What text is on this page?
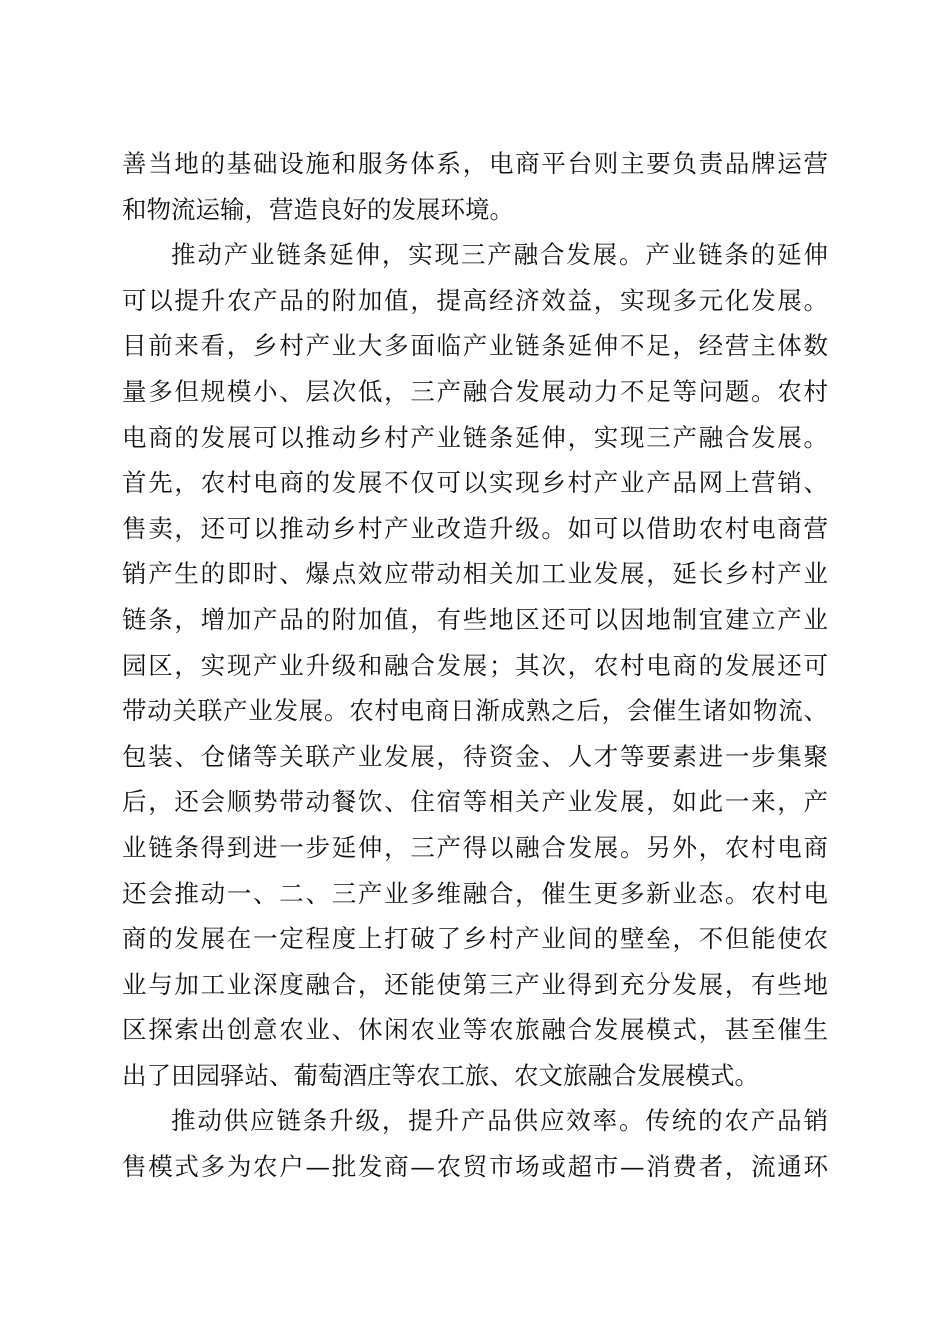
善当地的基础设施和服务体系，电商平台则主要负责品牌运营
和物流运输，营造良好的发展环境。
推动产业链条延伸，实现三产融合发展。产业链条的延伸
可以提升农产品的附加值，提高经济效益，实现多元化发展。
目前来看，乡村产业大多面临产业链条延伸不足，经营主体数
量多但规模小、层次低，三产融合发展动力不足等问题。农村
电商的发展可以推动乡村产业链条延伸，实现三产融合发展。
首先，农村电商的发展不仅可以实现乡村产业产品网上营销、
售卖，还可以推动乡村产业改造升级。如可以借助农村电商营
销产生的即时、爆点效应带动相关加工业发展，延长乡村产业
链条，增加产品的附加值，有些地区还可以因地制宜建立产业
园区，实现产业升级和融合发展；其次，农村电商的发展还可
带动关联产业发展。农村电商日渐成熟之后，会催生诸如物流、
包装、仓储等关联产业发展，待资金、人才等要素进一步集聚
后，还会顺势带动餐饮、住宿等相关产业发展，如此一来，产
业链条得到进一步延伸，三产得以融合发展。另外，农村电商
还会推动一、二、三产业多维融合，催生更多新业态。农村电
商的发展在一定程度上打破了乡村产业间的壁垒，不但能使农
业与加工业深度融合，还能使第三产业得到充分发展，有些地
区探索出创意农业、休闲农业等农旅融合发展模式，甚至催生
出了田园驿站、葡萄酒庄等农工旅、农文旅融合发展模式。
推动供应链条升级，提升产品供应效率。传统的农产品销
售模式多为农户—批发商—农贸市场或超市—消费者，流通环
